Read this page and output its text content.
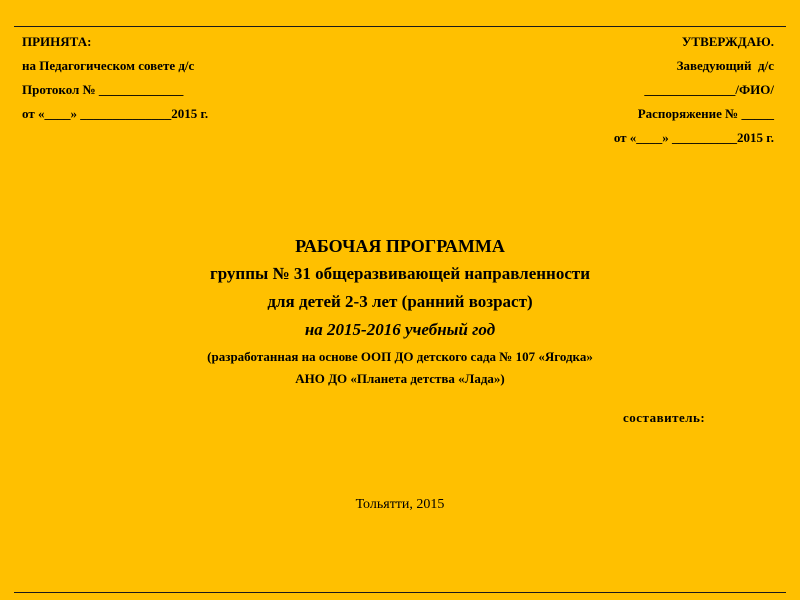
ПРИНЯТА:
на Педагогическом совете д/с
Протокол № _____________
от «____» ______________2015 г.
УТВЕРЖДАЮ.
Заведующий  д/с
______________/ФИО/
Распоряжение № _____
от «____» __________2015 г.
РАБОЧАЯ ПРОГРАММА
группы № 31 общеразвивающей направленности
для детей 2-3 лет (ранний возраст)
на 2015-2016 учебный год
(разработанная на основе ООП ДО детского сада № 107 «Ягодка»
АНО ДО «Планета детства «Лада»)
составитель:
Тольятти, 2015
